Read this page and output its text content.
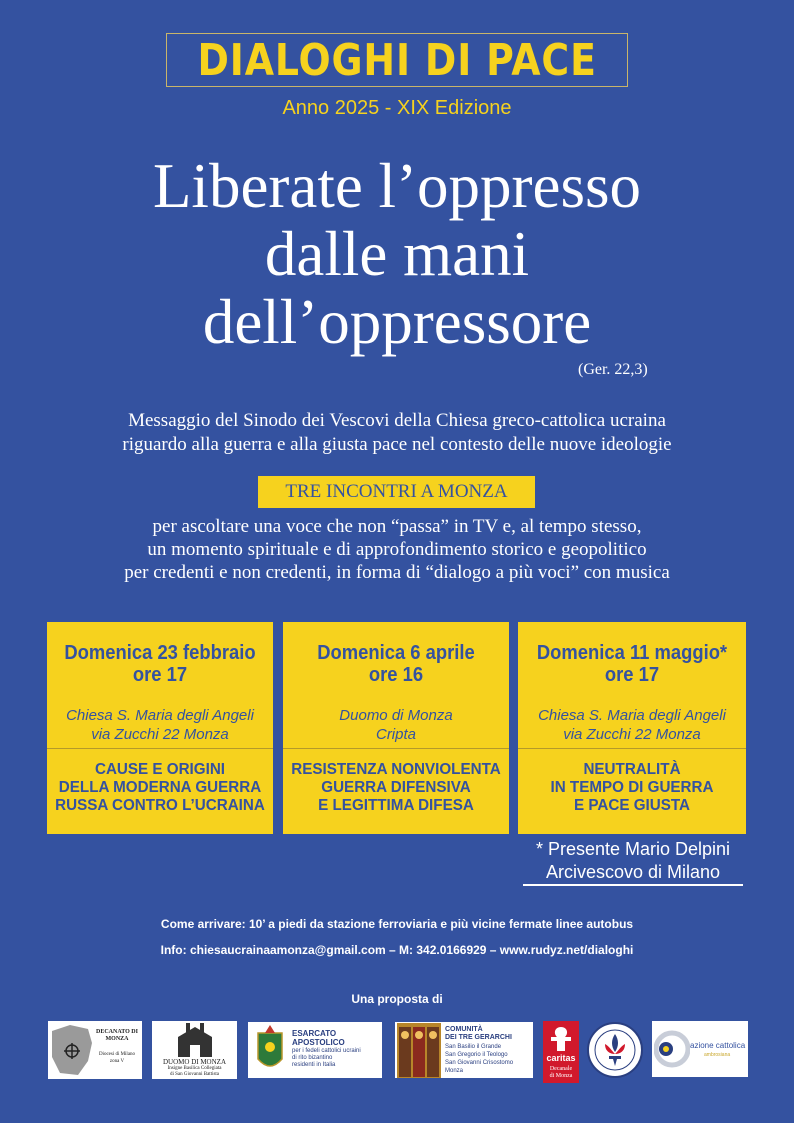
DIALOGHI DI PACE
Anno 2025 - XIX Edizione
Liberate l’oppresso
dalle mani
dell’oppressore
(Ger. 22,3)
Messaggio del Sinodo dei Vescovi della Chiesa greco-cattolica ucraina
riguardo alla guerra e alla giusta pace nel contesto delle nuove ideologie
TRE INCONTRI A MONZA
per ascoltare una voce che non “passa” in TV e, al tempo stesso,
un momento spirituale e di approfondimento storico e geopolitico
per credenti e non credenti, in forma di “dialogo a più voci” con musica
Domenica 23 febbraio
ore 17
Chiesa S. Maria degli Angeli
via Zucchi 22 Monza
CAUSE E ORIGINI
DELLA MODERNA GUERRA
RUSSA CONTRO L’UCRAINA
Domenica 6 aprile
ore 16
Duomo di Monza
Cripta
RESISTENZA NONVIOLENTA
GUERRA DIFENSIVA
E LEGITTIMA DIFESA
Domenica 11 maggio*
ore 17
Chiesa S. Maria degli Angeli
via Zucchi 22 Monza
NEUTRALITÀ
IN TEMPO DI GUERRA
E PACE GIUSTA
* Presente Mario Delpini
Arcivescovo di Milano
Come arrivare: 10’ a piedi da stazione ferroviaria e più vicine fermate linee autobus
Info: chiesaucrainaamonza@gmail.com – M: 342.0166929 – www.rudyz.net/dialoghi
Una proposta di
DECANATO DI
MONZA
Diocesi di Milano
zona V	DUOMO DI MONZA
Insigne Basilica Collegiata
di San Giovanni Battista
ESARCATO
APOSTOLICO
per i fedeli cattolici ucraini
di rito bizantino
residenti in Italia
COMUNITÀ
DEI TRE GERARCHI
San Basilio il Grande
San Gregorio il Teologo
San Giovanni Crisostomo
Monza
caritas
Decanale
di Monza
azione cattolica
ambrosiana
